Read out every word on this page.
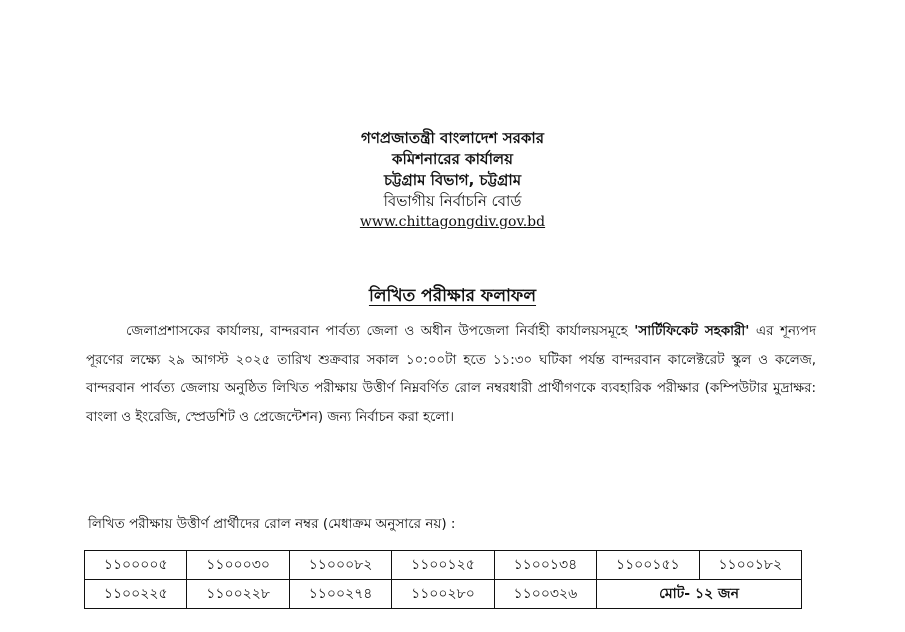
গণপ্রজাতন্ত্রী বাংলাদেশ সরকার
কমিশনারের কার্যালয়
চট্টগ্রাম বিভাগ, চট্টগ্রাম
বিভাগীয় নির্বাচনি বোর্ড
www.chittagongdiv.gov.bd
লিখিত পরীক্ষার ফলাফল
জেলাপ্রশাসকের কার্যালয়, বান্দরবান পার্বত্য জেলা ও অধীন উপজেলা নির্বাহী কার্যালয়সমূহে 'সার্টিফিকেট সহকারী' এর শূন্যপদ পূরণের লক্ষ্যে ২৯ আগস্ট ২০২৫ তারিখ শুক্রবার সকাল ১০:০০টা হতে ১১:৩০ ঘটিকা পর্যন্ত বান্দরবান কালেক্টরেট স্কুল ও কলেজ, বান্দরবান পার্বত্য জেলায় অনুষ্ঠিত লিখিত পরীক্ষায় উত্তীর্ণ নিম্নবর্ণিত রোল নম্বরধারী প্রার্থীগণকে ব্যবহারিক পরীক্ষার (কম্পিউটার মুদ্রাক্ষর: বাংলা ও ইংরেজি, স্প্রেডশিট ও প্রেজেন্টেশন) জন্য নির্বাচন করা হলো।
লিখিত পরীক্ষায় উত্তীর্ণ প্রার্থীদের রোল নম্বর (মেধাক্রম অনুসারে নয়) :
১১০০০০৫	১১০০০৩০	১১০০০৮২	১১০০১২৫	১১০০১৩৪	১১০০১৫১	১১০০১৮২
১১০০২২৫	১১০০২২৮	১১০০২৭৪	১১০০২৮০	১১০০৩২৬	মোট- ১২ জন	
